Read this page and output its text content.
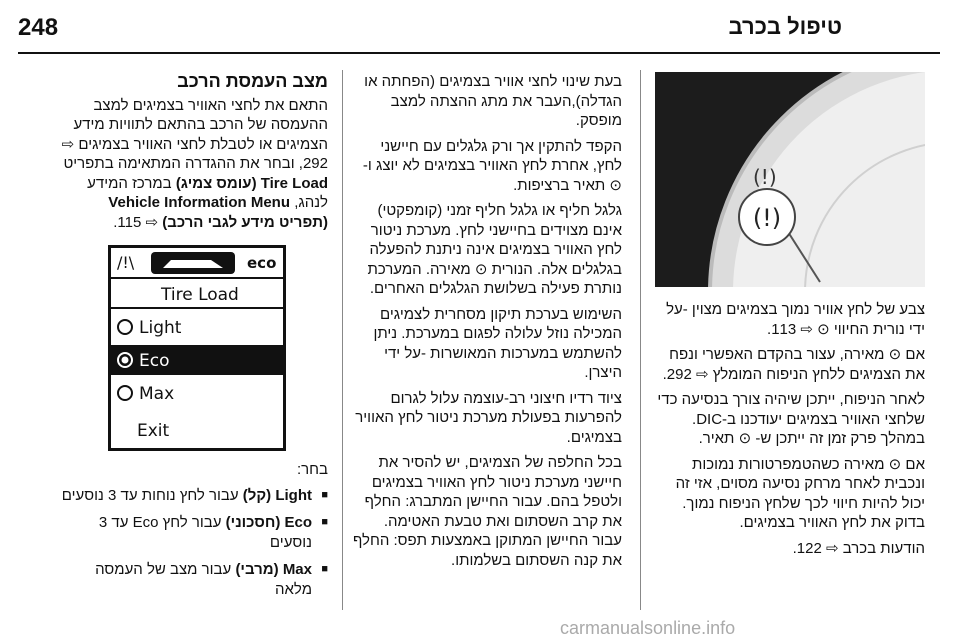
248	טיפול בכרב
(!)
(!)

צבע של לחץ אוויר נמוך בצמיגים מצוין -על ידי נורית החיווי ⊙ ⇨ 113.

אם ⊙ מאירה, עצור בהקדם האפשרי ונפח את הצמיגים ללחץ הניפוח המומלץ ⇨ 292.

לאחר הניפוח, ייתכן שיהיה צורך בנסיעה כדי שלחצי האוויר בצמיגים יעודכנו ב-DIC. במהלך פרק זמן זה ייתכן ש- ⊙ תאיר.

אם ⊙ מאירה כשהטמפרטורות נמוכות ונכבית לאחר מרחק נסיעה מסוים, אזי זה יכול להיות חיווי לכך שלחץ הניפוח נמוך. בדוק את לחץ האוויר בצמיגים.

הודעות בכרב ⇨ 122.

בעת שינוי לחצי אוויר בצמיגים (הפחתה או הגדלה),העבר את מתג ההצתה למצב מופסק.

הקפד להתקין אך ורק גלגלים עם חיישני לחץ, אחרת לחץ האוויר בצמיגים לא יוצג ו- ⊙ תאיר ברציפות.

גלגל חליף או גלגל חליף זמני (קומפקטי) אינם מצוידים בחיישני לחץ. מערכת ניטור לחץ האוויר בצמיגים אינה ניתנת להפעלה בגלגלים אלה. הנורית ⊙ מאירה. המערכת נותרת פעילה בשלושת הגלגלים האחרים.

השימוש בערכת תיקון מסחרית לצמיגים המכילה נוזל עלולה לפגום במערכת. ניתן להשתמש במערכות המאושרות -על ידי היצרן.

ציוד רדיו חיצוני רב-עוצמה עלול לגרום להפרעות בפעולת מערכת ניטור לחץ האוויר בצמיגים.

בכל החלפה של הצמיגים, יש להסיר את חיישני מערכת ניטור לחץ האוויר בצמיגים ולטפל בהם. עבור החיישן המתברג: החלף את קרב השסתום ואת טבעת האטימה. עבור החיישן המתוקן באמצעות תפס: החלף את קנה השסתום בשלמותו.

מצב העמסת הרכב

התאם את לחצי האוויר בצמיגים למצב ההעמסה של הרכב בהתאם לתוויות מידע הצמיגים או לטבלת לחצי האוויר בצמיגים ⇨ 292, ובחר את ההגדרה המתאימה בתפריט Tire Load (עומס צמיג) במרכז המידע לנהג, Vehicle Information Menu (תפריט מידע לגבי הרכב) ⇨ 115.

/!\	eco
Tire Load
Light
Eco
Max
Exit

בחר:

■ Light (קל) עבור לחץ נוחות עד 3 נוסעים
■ Eco (חסכוני) עבור לחץ Eco עד 3 נוסעים
■ Max (מרבי) עבור מצב של העמסה מלאה
carmanualsonline.info
